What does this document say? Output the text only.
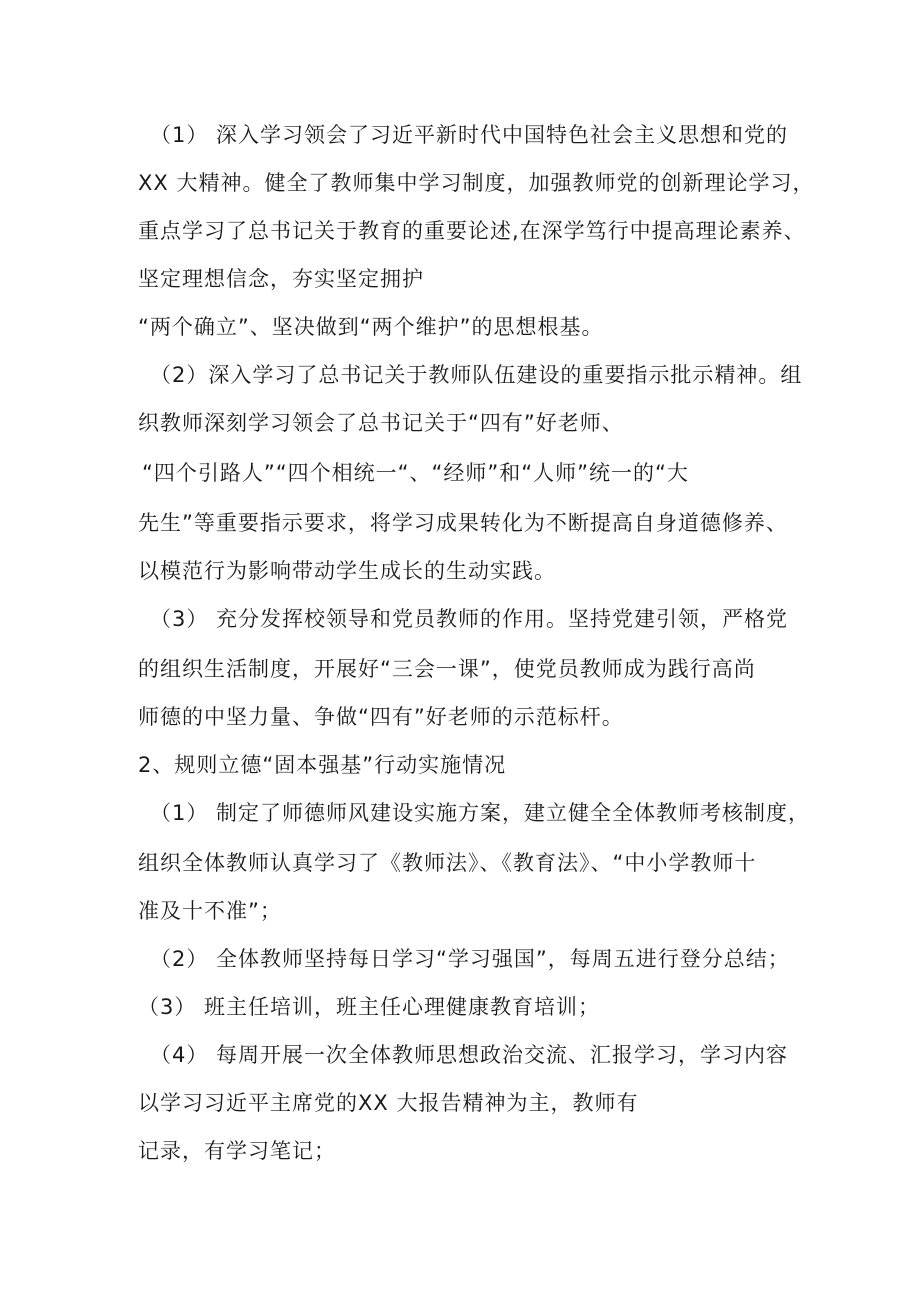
（1） 深入学习领会了习近平新时代中国特色社会主义思想和党的
XX 大精神。健全了教师集中学习制度，加强教师党的创新理论学习，
重点学习了总书记关于教育的重要论述,在深学笃行中提高理论素养、
坚定理想信念，夯实坚定拥护
“两个确立”、坚决做到“两个维护”的思想根基。
（2）深入学习了总书记关于教师队伍建设的重要指示批示精神。组
织教师深刻学习领会了总书记关于“四有”好老师、
“四个引路人”“四个相统一“、“经师”和“人师”统一的“大
先生”等重要指示要求，将学习成果转化为不断提高自身道德修养、
以模范行为影响带动学生成长的生动实践。
（3） 充分发挥校领导和党员教师的作用。坚持党建引领，严格党
的组织生活制度，开展好“三会一课”，使党员教师成为践行高尚
师德的中坚力量、争做“四有”好老师的示范标杆。
2、规则立德“固本强基”行动实施情况
（1） 制定了师德师风建设实施方案，建立健全全体教师考核制度，
组织全体教师认真学习了《教师法》、《教育法》、“中小学教师十
准及十不准”；
（2） 全体教师坚持每日学习“学习强国”，每周五进行登分总结；
（3） 班主任培训，班主任心理健康教育培训；
（4） 每周开展一次全体教师思想政治交流、汇报学习，学习内容
以学习习近平主席党的XX 大报告精神为主，教师有
记录，有学习笔记；
